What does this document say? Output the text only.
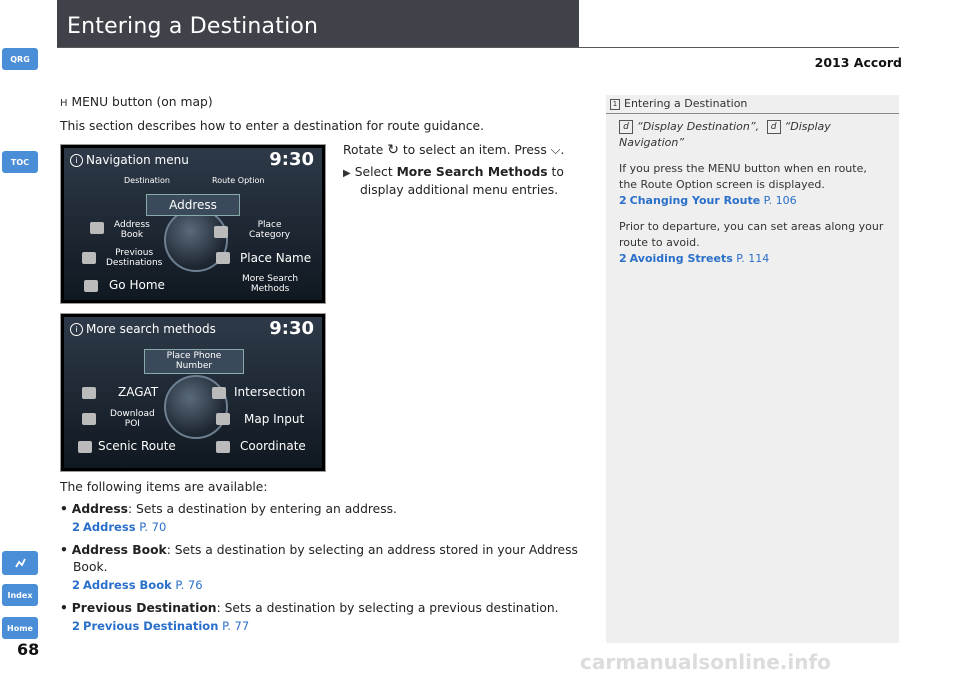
Entering a Destination
2013 Accord
QRG
TOC
Index
Home
68
H MENU button (on map)
This section describes how to enter a destination for route guidance.
Rotate ↻ to select an item. Press ⌵.
▶ Select More Search Methods to
display additional menu entries.
i Navigation menu	9:30
Destination	Route Option
Address
Address
Book
Place
Category
Previous
Destinations	Place Name
Go Home	More Search
Methods
i More search methods	9:30
Place Phone
Number
ZAGAT	Intersection
Download
POI	Map Input
Scenic Route	Coordinate
The following items are available:
• Address: Sets a destination by entering an address.
2 Address P. 70
• Address Book: Sets a destination by selecting an address stored in your Address
Book.
2 Address Book P. 76
• Previous Destination: Sets a destination by selecting a previous destination.
2 Previous Destination P. 77
1 Entering a Destination
d “Display Destination”, d “Display
Navigation”
If you press the MENU button when en route,
the Route Option screen is displayed.
2 Changing Your Route P. 106
Prior to departure, you can set areas along your
route to avoid.
2 Avoiding Streets P. 114
carmanualsonline.info
